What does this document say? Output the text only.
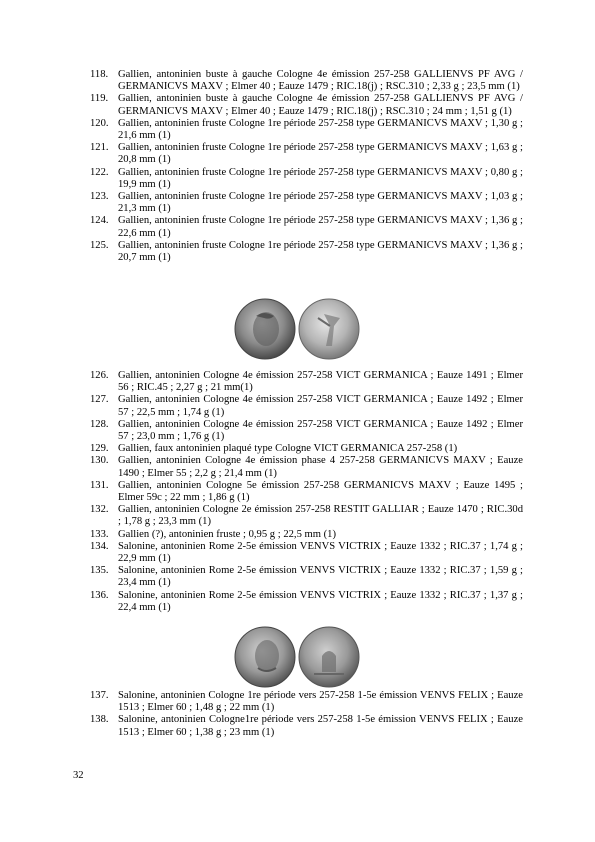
118. Gallien, antoninien buste à gauche Cologne 4e émission 257-258 GALLIENVS PF AVG / GERMANICVS MAXV ; Elmer 40 ; Eauze 1479 ; RIC.18(j) ; RSC.310 ; 2,33 g ; 23,5 mm (1)
119. Gallien, antoninien buste à gauche Cologne 4e émission 257-258 GALLIENVS PF AVG / GERMANICVS MAXV ; Elmer 40 ; Eauze 1479 ; RIC.18(j) ; RSC.310 ; 24 mm ; 1,51 g (1)
120. Gallien, antoninien fruste Cologne 1re période 257-258 type GERMANICVS MAXV ; 1,30 g ; 21,6 mm (1)
121. Gallien, antoninien fruste Cologne 1re période 257-258 type GERMANICVS MAXV ; 1,63 g ; 20,8 mm (1)
122. Gallien, antoninien fruste Cologne 1re période 257-258 type GERMANICVS MAXV ; 0,80 g ; 19,9 mm (1)
123. Gallien, antoninien fruste Cologne 1re période 257-258 type GERMANICVS MAXV ; 1,03 g ; 21,3 mm (1)
124. Gallien, antoninien fruste Cologne 1re période 257-258 type GERMANICVS MAXV ; 1,36 g ; 22,6 mm (1)
125. Gallien, antoninien fruste Cologne 1re période 257-258 type GERMANICVS MAXV ; 1,36 g ; 20,7 mm (1)
126. Gallien, antoninien Cologne 4e émission 257-258 VICT GERMANICA ; Eauze 1491 ; Elmer 56 ; RIC.45 ; 2,27 g ; 21 mm(1)
127. Gallien, antoninien Cologne 4e émission 257-258 VICT GERMANICA ; Eauze 1492 ; Elmer 57 ; 22,5 mm ; 1,74 g (1)
128. Gallien, antoninien Cologne 4e émission 257-258 VICT GERMANICA ; Eauze 1492 ; Elmer 57 ; 23,0 mm ; 1,76 g (1)
129. Gallien, faux antoninien plaqué type Cologne VICT GERMANICA 257-258 (1)
130. Gallien, antoninien Cologne 4e émission phase 4 257-258 GERMANICVS MAXV ; Eauze 1490 ; Elmer 55 ; 2,2 g ; 21,4 mm (1)
131. Gallien, antoninien Cologne 5e émission 257-258 GERMANICVS MAXV ; Eauze 1495 ; Elmer 59c ; 22 mm ; 1,86 g (1)
132. Gallien, antoninien Cologne 2e émission 257-258 RESTIT GALLIAR ; Eauze 1470 ; RIC.30d ; 1,78 g ; 23,3 mm (1)
133. Gallien (?), antoninien fruste ; 0,95 g ; 22,5 mm (1)
134. Salonine, antoninien Rome 2-5e émission VENVS VICTRIX ; Eauze 1332 ; RIC.37 ; 1,74 g ; 22,9 mm (1)
135. Salonine, antoninien Rome 2-5e émission VENVS VICTRIX ; Eauze 1332 ; RIC.37 ; 1,59 g ; 23,4 mm (1)
136. Salonine, antoninien Rome 2-5e émission VENVS VICTRIX ; Eauze 1332 ; RIC.37 ; 1,37 g ; 22,4 mm (1)
137. Salonine, antoninien Cologne 1re période vers 257-258 1-5e émission VENVS FELIX ; Eauze 1513 ; Elmer 60 ; 1,48 g ; 22 mm (1)
138. Salonine, antoninien Cologne1re période vers 257-258 1-5e émission VENVS FELIX ; Eauze 1513 ; Elmer 60 ; 1,38 g ; 23 mm (1)
32
